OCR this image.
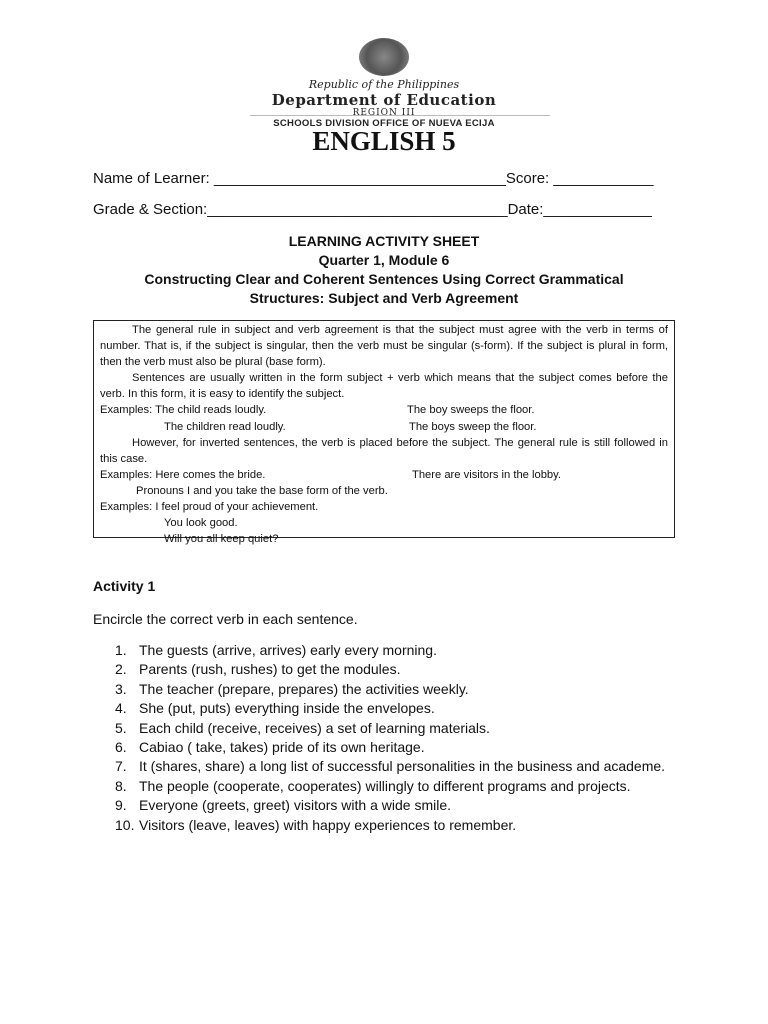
Republic of the Philippines
Department of Education
REGION III
SCHOOLS DIVISION OFFICE OF NUEVA ECIJA
ENGLISH 5
Name of Learner: ___________________________________Score: ____________
Grade & Section:____________________________________Date:_____________
LEARNING ACTIVITY SHEET
Quarter 1, Module 6
Constructing Clear and Coherent Sentences Using Correct Grammatical
Structures: Subject and Verb Agreement

The general rule in subject and verb agreement is that the subject must agree with the verb in terms of number. That is, if the subject is singular, then the verb must be singular (s-form). If the subject is plural in form, then the verb must also be plural (base form).

Sentences are usually written in the form subject + verb which means that the subject comes before the verb. In this form, it is easy to identify the subject.

Examples: The child reads loudly.	The boy sweeps the floor.
The children read loudly.	The boys sweep the floor.

However, for inverted sentences, the verb is placed before the subject. The general rule is still followed in this case.

Examples: Here comes the bride.	There are visitors in the lobby.

Pronouns I and you take the base form of the verb.

Examples: I feel proud of your achievement.
You look good.
Will you all keep quiet?
Activity 1
Encircle the correct verb in each sentence.
1. The guests (arrive, arrives) early every morning.
2. Parents (rush, rushes) to get the modules.
3. The teacher (prepare, prepares) the activities weekly.
4. She (put, puts) everything inside the envelopes.
5. Each child (receive, receives) a set of learning materials.
6. Cabiao ( take, takes) pride of its own heritage.
7. It (shares, share) a long list of successful personalities in the business and academe.
8. The people (cooperate, cooperates) willingly to different programs and projects.
9. Everyone (greets, greet) visitors with a wide smile.
10. Visitors (leave, leaves) with happy experiences to remember.
